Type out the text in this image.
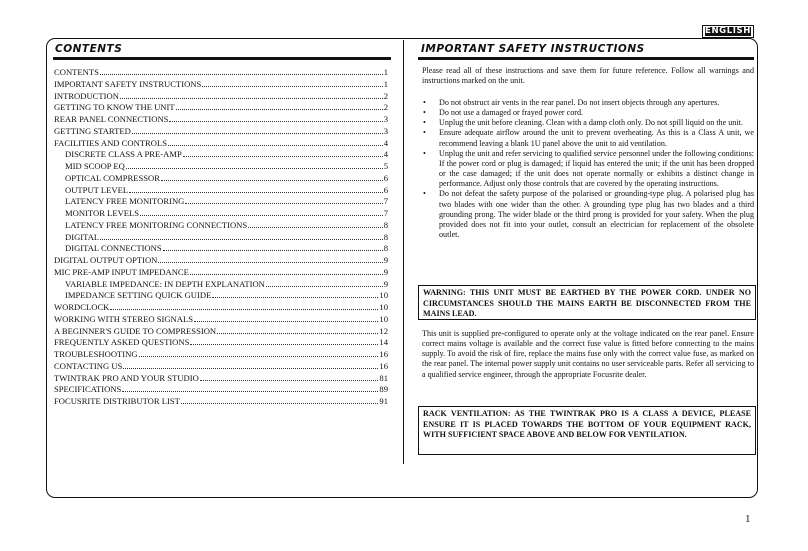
ENGLISH
CONTENTS	IMPORTANT SAFETY INSTRUCTIONS
CONTENTS	1
IMPORTANT SAFETY INSTRUCTIONS	1
INTRODUCTION	2
GETTING TO KNOW THE UNIT	2
REAR PANEL CONNECTIONS	3
GETTING STARTED	3
FACILITIES AND CONTROLS	4
DISCRETE CLASS A PRE-AMP	4
MID SCOOP EQ	5
OPTICAL COMPRESSOR	6
OUTPUT LEVEL	6
LATENCY FREE MONITORING	7
MONITOR LEVELS	7
LATENCY FREE MONITORING CONNECTIONS	8
DIGITAL	8
DIGITAL CONNECTIONS	8
DIGITAL OUTPUT OPTION	9
MIC PRE-AMP INPUT IMPEDANCE	9
VARIABLE IMPEDANCE: IN DEPTH EXPLANATION	9
IMPEDANCE SETTING QUICK GUIDE	10
WORDCLOCK	10
WORKING WITH STEREO SIGNALS	10
A BEGINNER'S GUIDE TO COMPRESSION	12
FREQUENTLY ASKED QUESTIONS	14
TROUBLESHOOTING	16
CONTACTING US	16
TWINTRAK PRO AND YOUR STUDIO	81
SPECIFICATIONS	89
FOCUSRITE DISTRIBUTOR LIST	91

Please read all of these instructions and save them for future reference. Follow all warnings and instructions marked on the unit.

• Do not obstruct air vents in the rear panel. Do not insert objects through any apertures.
• Do not use a damaged or frayed power cord.
• Unplug the unit before cleaning. Clean with a damp cloth only. Do not spill liquid on the unit.
• Ensure adequate airflow around the unit to prevent overheating. As this is a Class A unit, we recommend leaving a blank 1U panel above the unit to aid ventilation.
• Unplug the unit and refer servicing to qualified service personnel under the following conditions: If the power cord or plug is damaged; if liquid has entered the unit; if the unit has been dropped or the case damaged; if the unit does not operate normally or exhibits a distinct change in performance. Adjust only those controls that are covered by the operating instructions.
• Do not defeat the safety purpose of the polarised or grounding-type plug. A polarised plug has two blades with one wider than the other. A grounding type plug has two blades and a third grounding prong. The wider blade or the third prong is provided for your safety. When the plug provided does not fit into your outlet, consult an electrician for replacement of the obsolete outlet.
WARNING: THIS UNIT MUST BE EARTHED BY THE POWER CORD. UNDER NO CIRCUMSTANCES SHOULD THE MAINS EARTH BE DISCONNECTED FROM THE MAINS LEAD.

This unit is supplied pre-configured to operate only at the voltage indicated on the rear panel. Ensure correct mains voltage is available and the correct fuse value is fitted before connecting to the mains supply. To avoid the risk of fire, replace the mains fuse only with the correct value fuse, as marked on the rear panel. The internal power supply unit contains no user serviceable parts. Refer all servicing to a qualified service engineer, through the appropriate Focusrite dealer.

RACK VENTILATION: AS THE TWINTRAK PRO IS A CLASS A DEVICE, PLEASE ENSURE IT IS PLACED TOWARDS THE BOTTOM OF YOUR EQUIPMENT RACK, WITH SUFFICIENT SPACE ABOVE AND BELOW FOR VENTILATION.
1
